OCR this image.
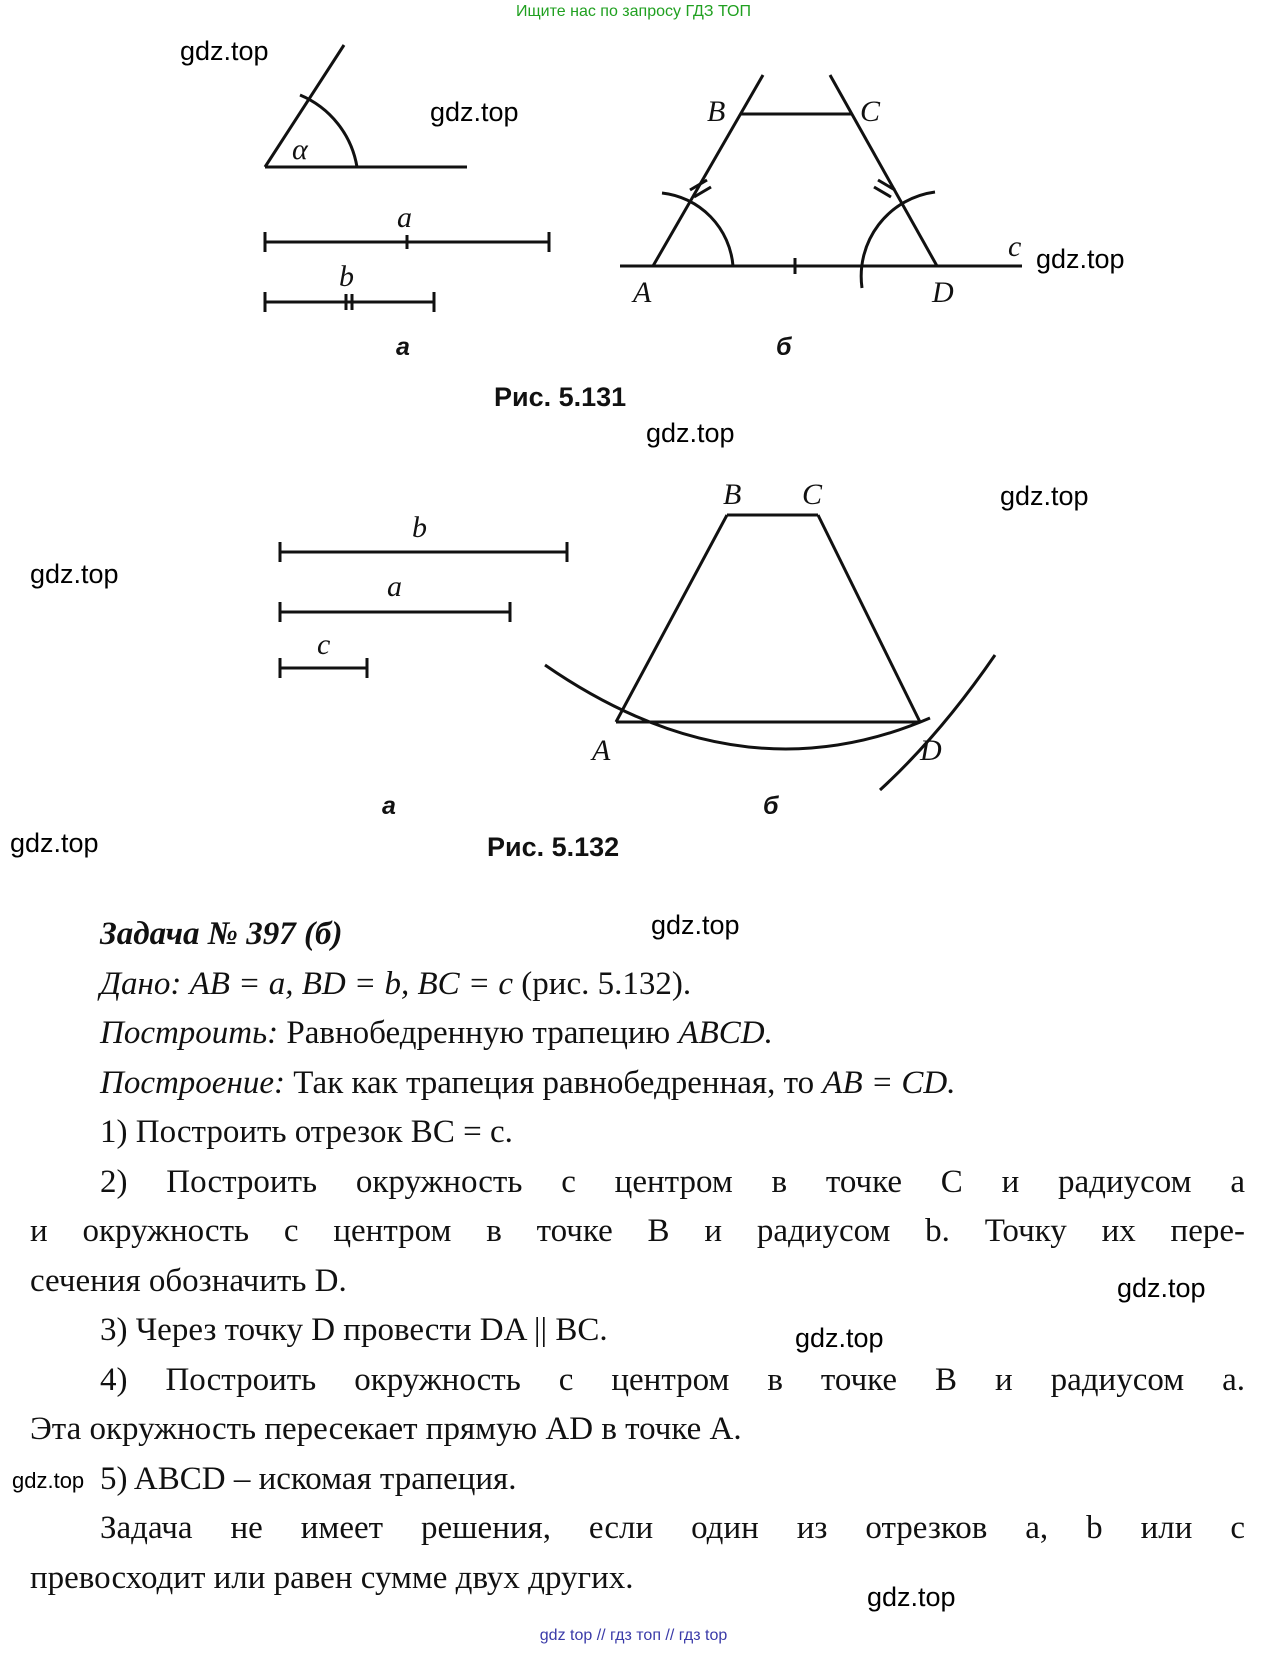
Ищите нас по запросу ГДЗ ТОП
gdz top // гдз топ // гдз top
gdz.top
gdz.top
gdz.top
gdz.top
gdz.top
gdz.top
gdz.top
gdz.top
gdz.top
gdz.top
gdz.top
gdz.top
α
a
b
B	C
A	D
c
а	б
Рис. 5.131
b
a
c
B C
A	D
а	б
Рис. 5.132
Задача № 397 (б)
Дано: AB = a, BD = b, BC = c (рис. 5.132).
Построить: Равнобедренную трапецию ABCD.
Построение: Так как трапеция равнобедренная, то AB = CD.
1) Построить отрезок BC = c.
2) Построить окружность с центром в точке C и радиусом a
и окружность с центром в точке B и радиусом b. Точку их пере-
сечения обозначить D.
3) Через точку D провести DA || BC.
4) Построить окружность с центром в точке B и радиусом a.
Эта окружность пересекает прямую AD в точке A.
5) ABCD – искомая трапеция.
Задача не имеет решения, если один из отрезков a, b или c
превосходит или равен сумме двух других.
